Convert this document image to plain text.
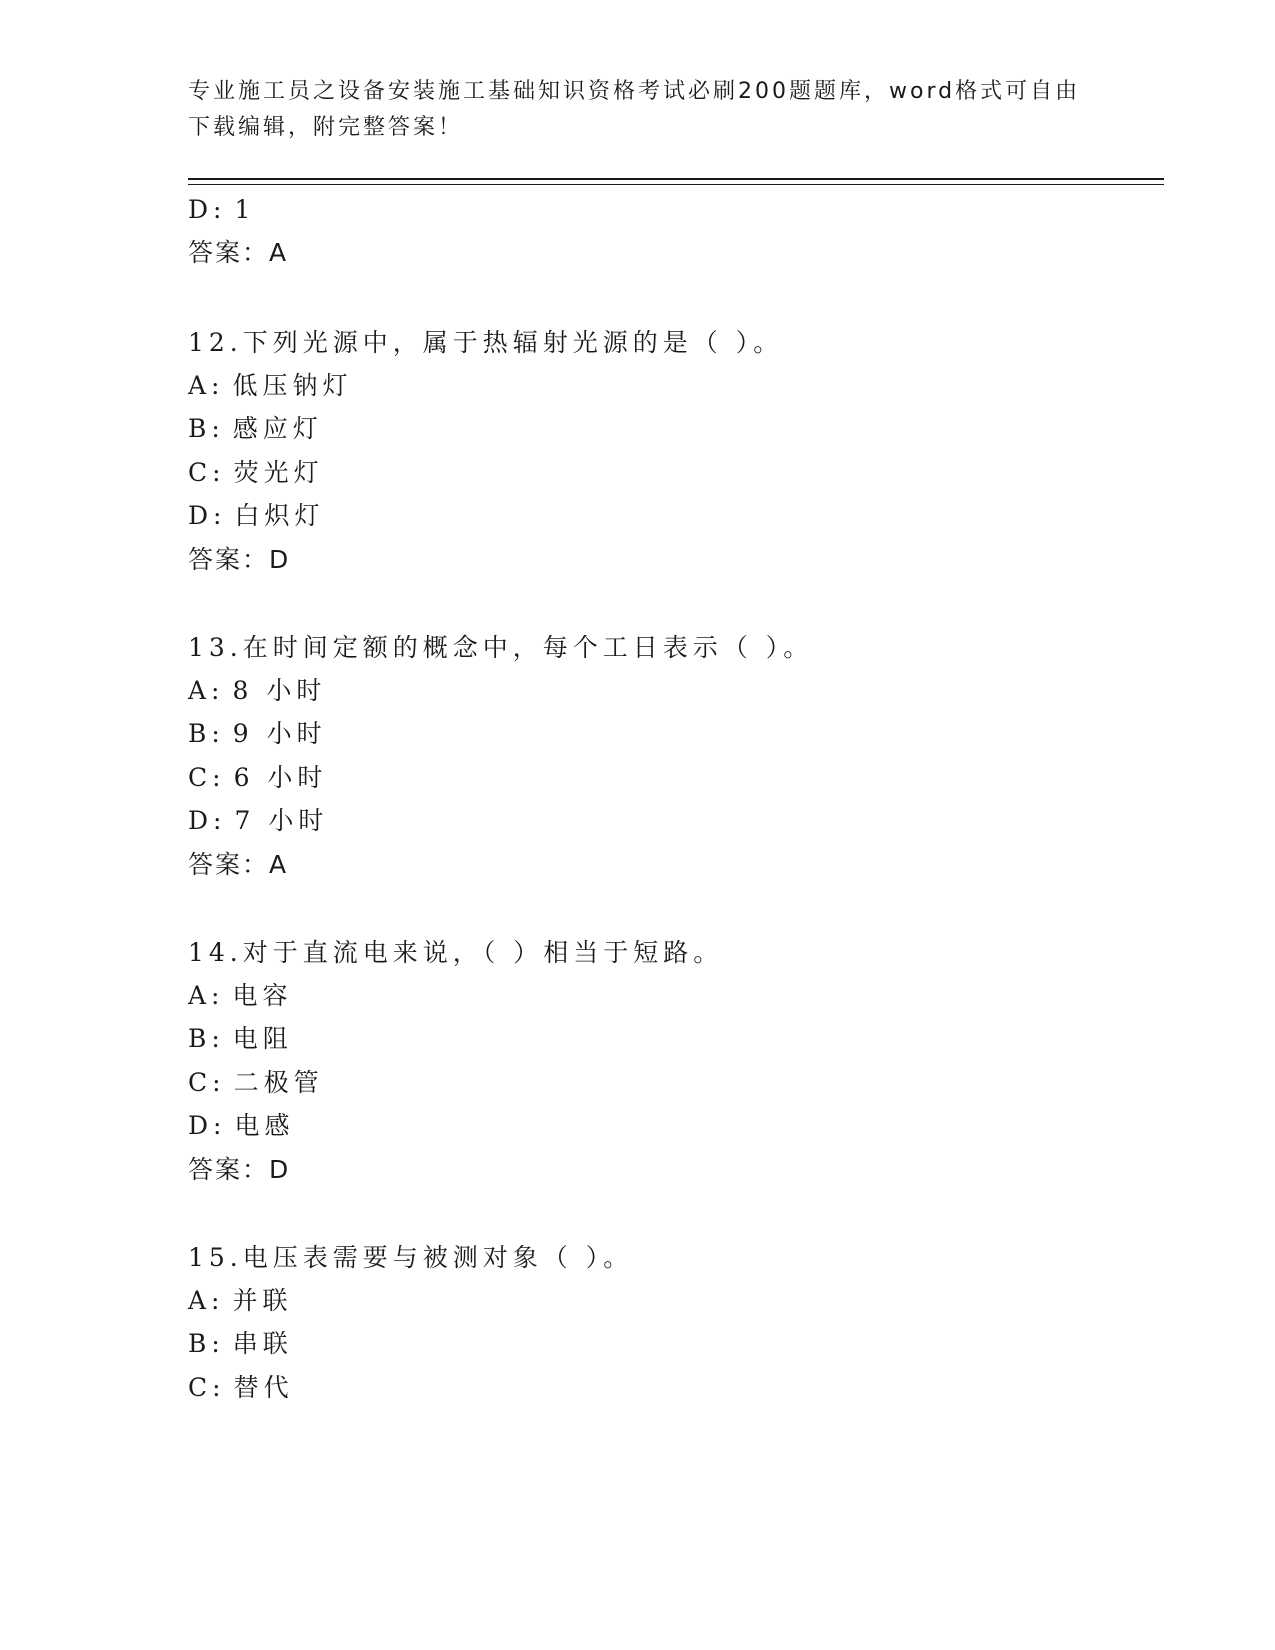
专业施工员之设备安装施工基础知识资格考试必刷200题题库，word格式可自由
下载编辑，附完整答案！
D: 1
答案：A
12.下列光源中，属于热辐射光源的是（ ）。
A: 低压钠灯
B: 感应灯
C: 荧光灯
D: 白炽灯
答案：D
13.在时间定额的概念中，每个工日表示（ ）。
A: 8 小时
B: 9 小时
C: 6 小时
D: 7 小时
答案：A
14.对于直流电来说，（ ）相当于短路。
A: 电容
B: 电阻
C: 二极管
D: 电感
答案：D
15.电压表需要与被测对象（ ）。
A: 并联
B: 串联
C: 替代
